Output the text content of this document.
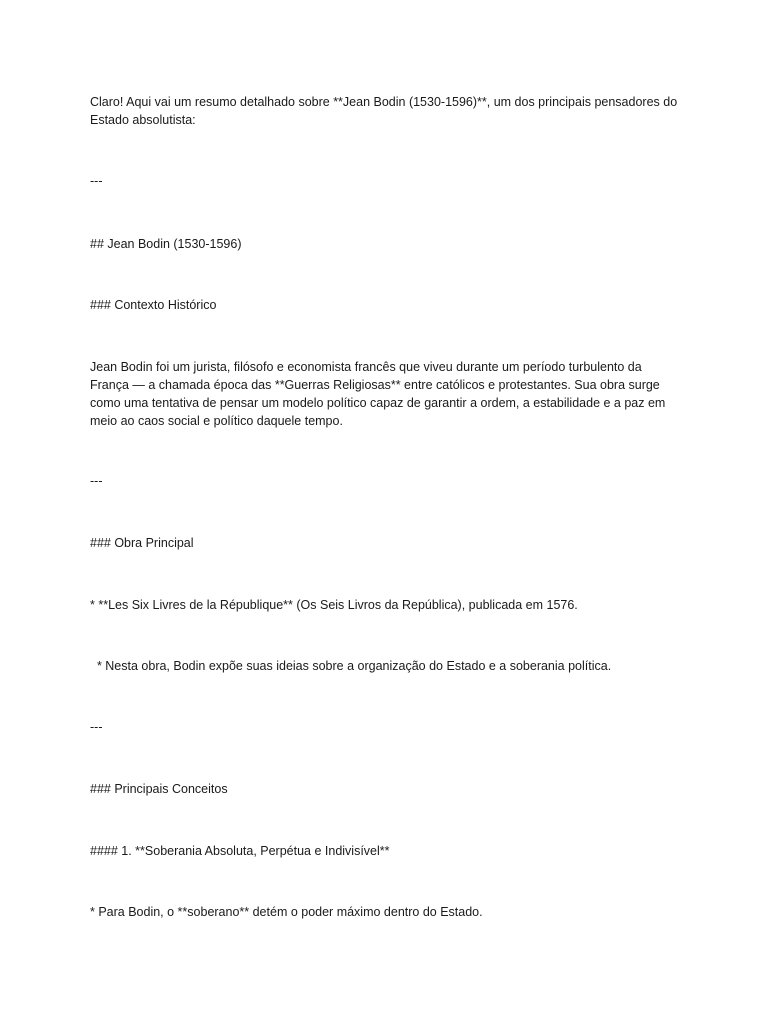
Claro! Aqui vai um resumo detalhado sobre **Jean Bodin (1530-1596)**, um dos principais pensadores do Estado absolutista:

---

## Jean Bodin (1530-1596)

### Contexto Histórico

Jean Bodin foi um jurista, filósofo e economista francês que viveu durante um período turbulento da França — a chamada época das **Guerras Religiosas** entre católicos e protestantes. Sua obra surge como uma tentativa de pensar um modelo político capaz de garantir a ordem, a estabilidade e a paz em meio ao caos social e político daquele tempo.

---

### Obra Principal

* **Les Six Livres de la République** (Os Seis Livros da República), publicada em 1576.

* Nesta obra, Bodin expõe suas ideias sobre a organização do Estado e a soberania política.

---

### Principais Conceitos

#### 1. **Soberania Absoluta, Perpétua e Indivisível**

* Para Bodin, o **soberano** detém o poder máximo dentro do Estado.
